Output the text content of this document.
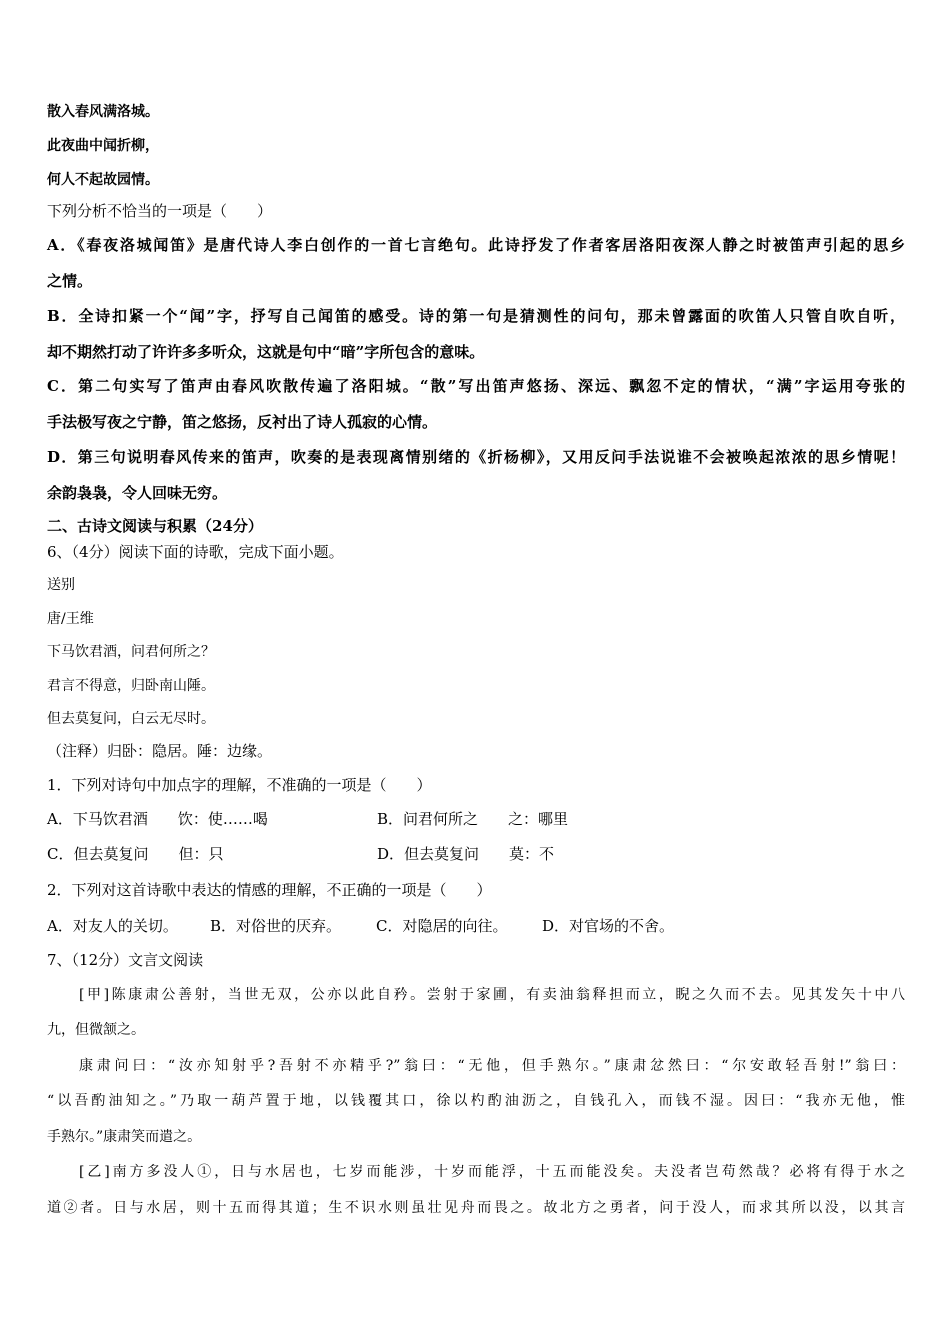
散入春风满洛城。
此夜曲中闻折柳，
何人不起故园情。
下列分析不恰当的一项是（　　）
A．《春夜洛城闻笛》是唐代诗人李白创作的一首七言绝句。此诗抒发了作者客居洛阳夜深人静之时被笛声引起的思乡
之情。
B．全诗扣紧一个“闻”字，抒写自己闻笛的感受。诗的第一句是猜测性的问句，那未曾露面的吹笛人只管自吹自听，
却不期然打动了许许多多听众，这就是句中“暗”字所包含的意味。
C．第二句实写了笛声由春风吹散传遍了洛阳城。“散”写出笛声悠扬、深远、飘忽不定的情状，“满”字运用夸张的
手法极写夜之宁静，笛之悠扬，反衬出了诗人孤寂的心情。
D．第三句说明春风传来的笛声，吹奏的是表现离情别绪的《折杨柳》，又用反问手法说谁不会被唤起浓浓的思乡情呢！
余韵袅袅，令人回味无穷。
二、古诗文阅读与积累（24分）
6、（4分）阅读下面的诗歌，完成下面小题。
送别
唐/王维
下马饮君酒，问君何所之？
君言不得意，归卧南山陲。
但去莫复问，白云无尽时。
（注释）归卧：隐居。陲：边缘。
1．下列对诗句中加点字的理解，不准确的一项是（　　）
A．下马饮君酒　　饮：使……喝	B．问君何所之　　之：哪里
C．但去莫复问　　但：只	D．但去莫复问　　莫：不
2．下列对这首诗歌中表达的情感的理解，不正确的一项是（　　）
A．对友人的关切。 B．对俗世的厌弃。 C．对隐居的向往。 D．对官场的不舍。
7、（12分）文言文阅读
[甲]陈康肃公善射，当世无双，公亦以此自矜。尝射于家圃，有卖油翁释担而立，睨之久而不去。见其发矢十中八
九，但微颔之。
康肃问曰：“汝亦知射乎?吾射不亦精乎?”翁曰：“无他，但手熟尔。”康肃忿然曰：“尔安敢轻吾射!”翁曰：
“以吾酌油知之。”乃取一葫芦置于地，以钱覆其口，徐以杓酌油沥之，自钱孔入，而钱不湿。因曰：“我亦无他，惟
手熟尔。”康肃笑而遣之。
[乙]南方多没人①，日与水居也，七岁而能涉，十岁而能浮，十五而能没矣。夫没者岂苟然哉？必将有得于水之
道②者。日与水居，则十五而得其道；生不识水则虽壮见舟而畏之。故北方之勇者，问于没人，而求其所以没，以其言
